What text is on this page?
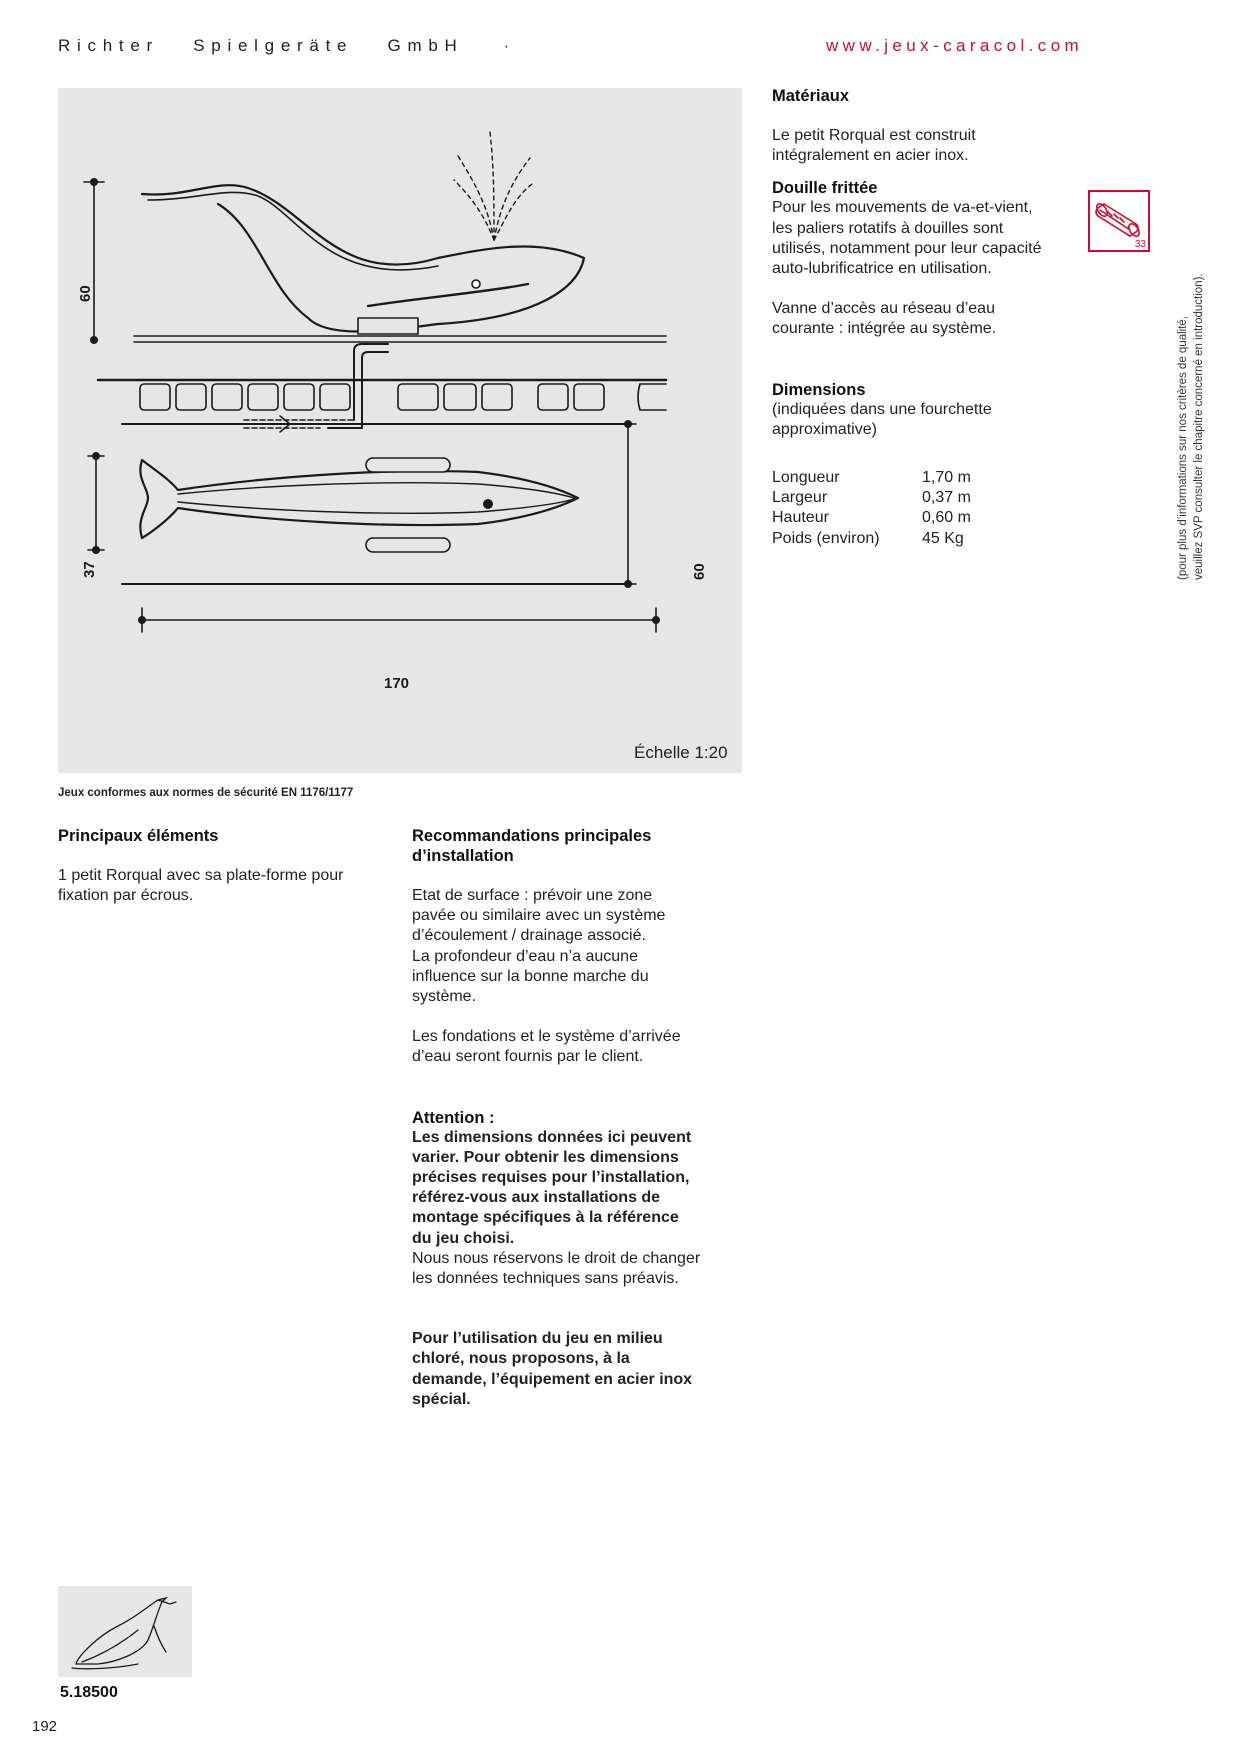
R i c h t e r       S p i e l g e r ä t e       G m b H        ·	www.jeux-caracol.com
60
37	60
170
Échelle 1:20
Jeux conformes aux normes de sécurité EN 1176/1177

Matériaux

Le petit Rorqual est construit
intégralement en acier inox.

Douille frittée

Pour les mouvements de va-et-vient,
les paliers rotatifs à douilles sont
utilisés, notamment pour leur capacité
auto-lubrificatrice en utilisation.

Vanne d’accès au réseau d’eau
courante : intégrée au système.

Dimensions

(indiquées dans une fourchette
approximative)

Longueur	1,70 m
Largeur	0,37 m
Hauteur	0,60 m
Poids (environ)	45 Kg
33
(pour plus d’informations sur nos critères de qualité,
veuillez SVP consulter le chapitre concerné en introduction).

Principaux éléments

1 petit Rorqual avec sa plate-forme pour
fixation par écrous.

Recommandations principales
d’installation

Etat de surface : prévoir une zone
pavée ou similaire avec un système
d’écoulement / drainage associé.
La profondeur d’eau n’a aucune
influence sur la bonne marche du
système.

Les fondations et le système d’arrivée
d’eau seront fournis par le client.

Attention :

Les dimensions données ici peuvent
varier. Pour obtenir les dimensions
précises requises pour l’installation,
référez-vous aux installations de
montage spécifiques à la référence
du jeu choisi.

Nous nous réservons le droit de changer
les données techniques sans préavis.

Pour l’utilisation du jeu en milieu
chloré, nous proposons, à la
demande, l’équipement en acier inox
spécial.

5.18500
192
